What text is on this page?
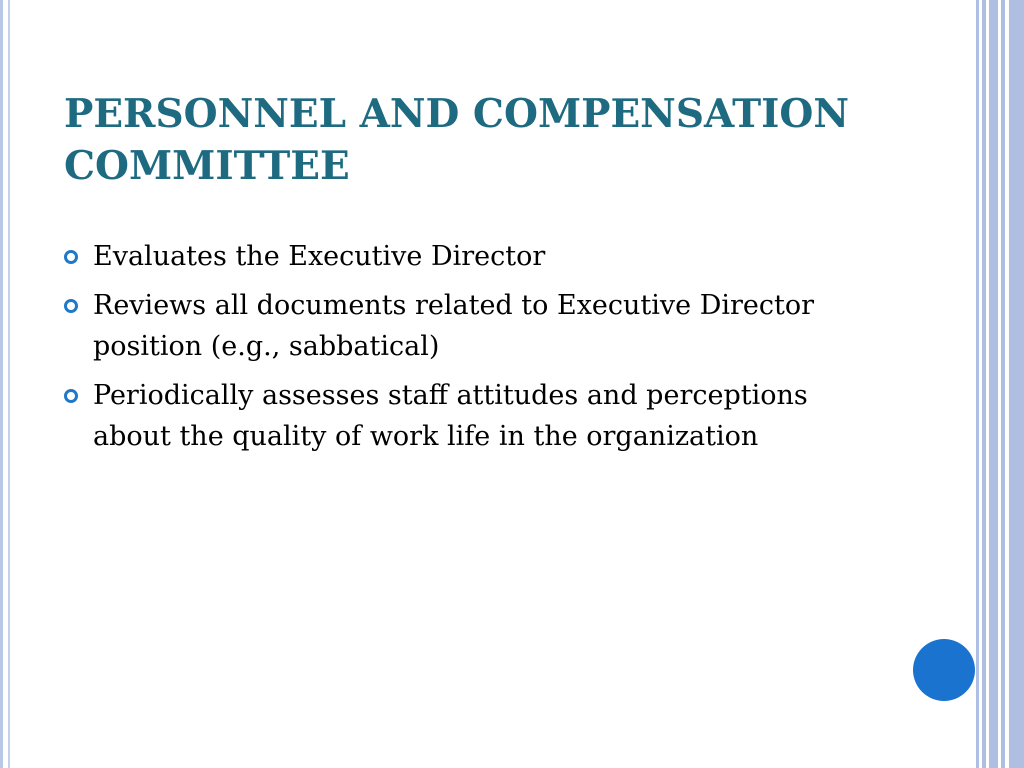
PERSONNEL AND COMPENSATION COMMITTEE
Evaluates the Executive Director
Reviews all documents related to Executive Director position (e.g., sabbatical)
Periodically assesses staff attitudes and perceptions about the quality of work life in the organization
